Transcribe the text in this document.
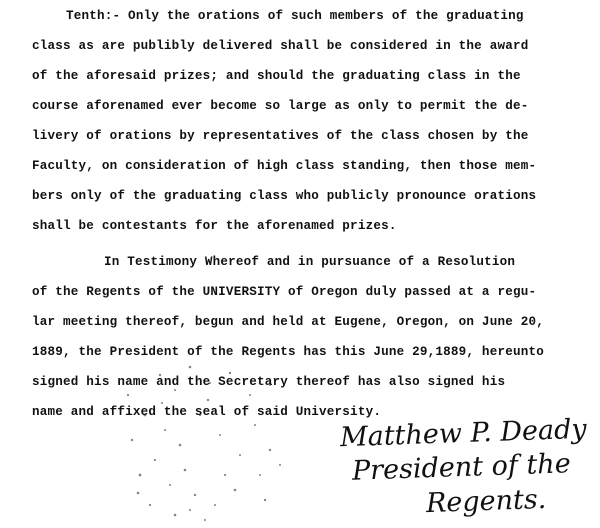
Tenth:- Only the orations of such members of the graduating
class as are publibly delivered shall be considered in the award
of the aforesaid prizes; and should the graduating class in the
course aforenamed ever become so large as only to permit the de-
livery of orations by representatives of the class chosen by the
Faculty, on consideration of high class standing, then those mem-
bers only of the graduating class who publicly pronounce orations
shall be contestants for the aforenamed prizes.
In Testimony Whereof and in pursuance of a Resolution
of the Regents of the UNIVERSITY of Oregon duly passed at a regu-
lar meeting thereof, begun and held at Eugene, Oregon, on June 20,
1889, the President of the Regents has this June 29,1889, hereunto
signed his name and the Secretary thereof has also signed his
name and affixed the seal of said University.
Matthew P. Deady
President of the
Regents.
